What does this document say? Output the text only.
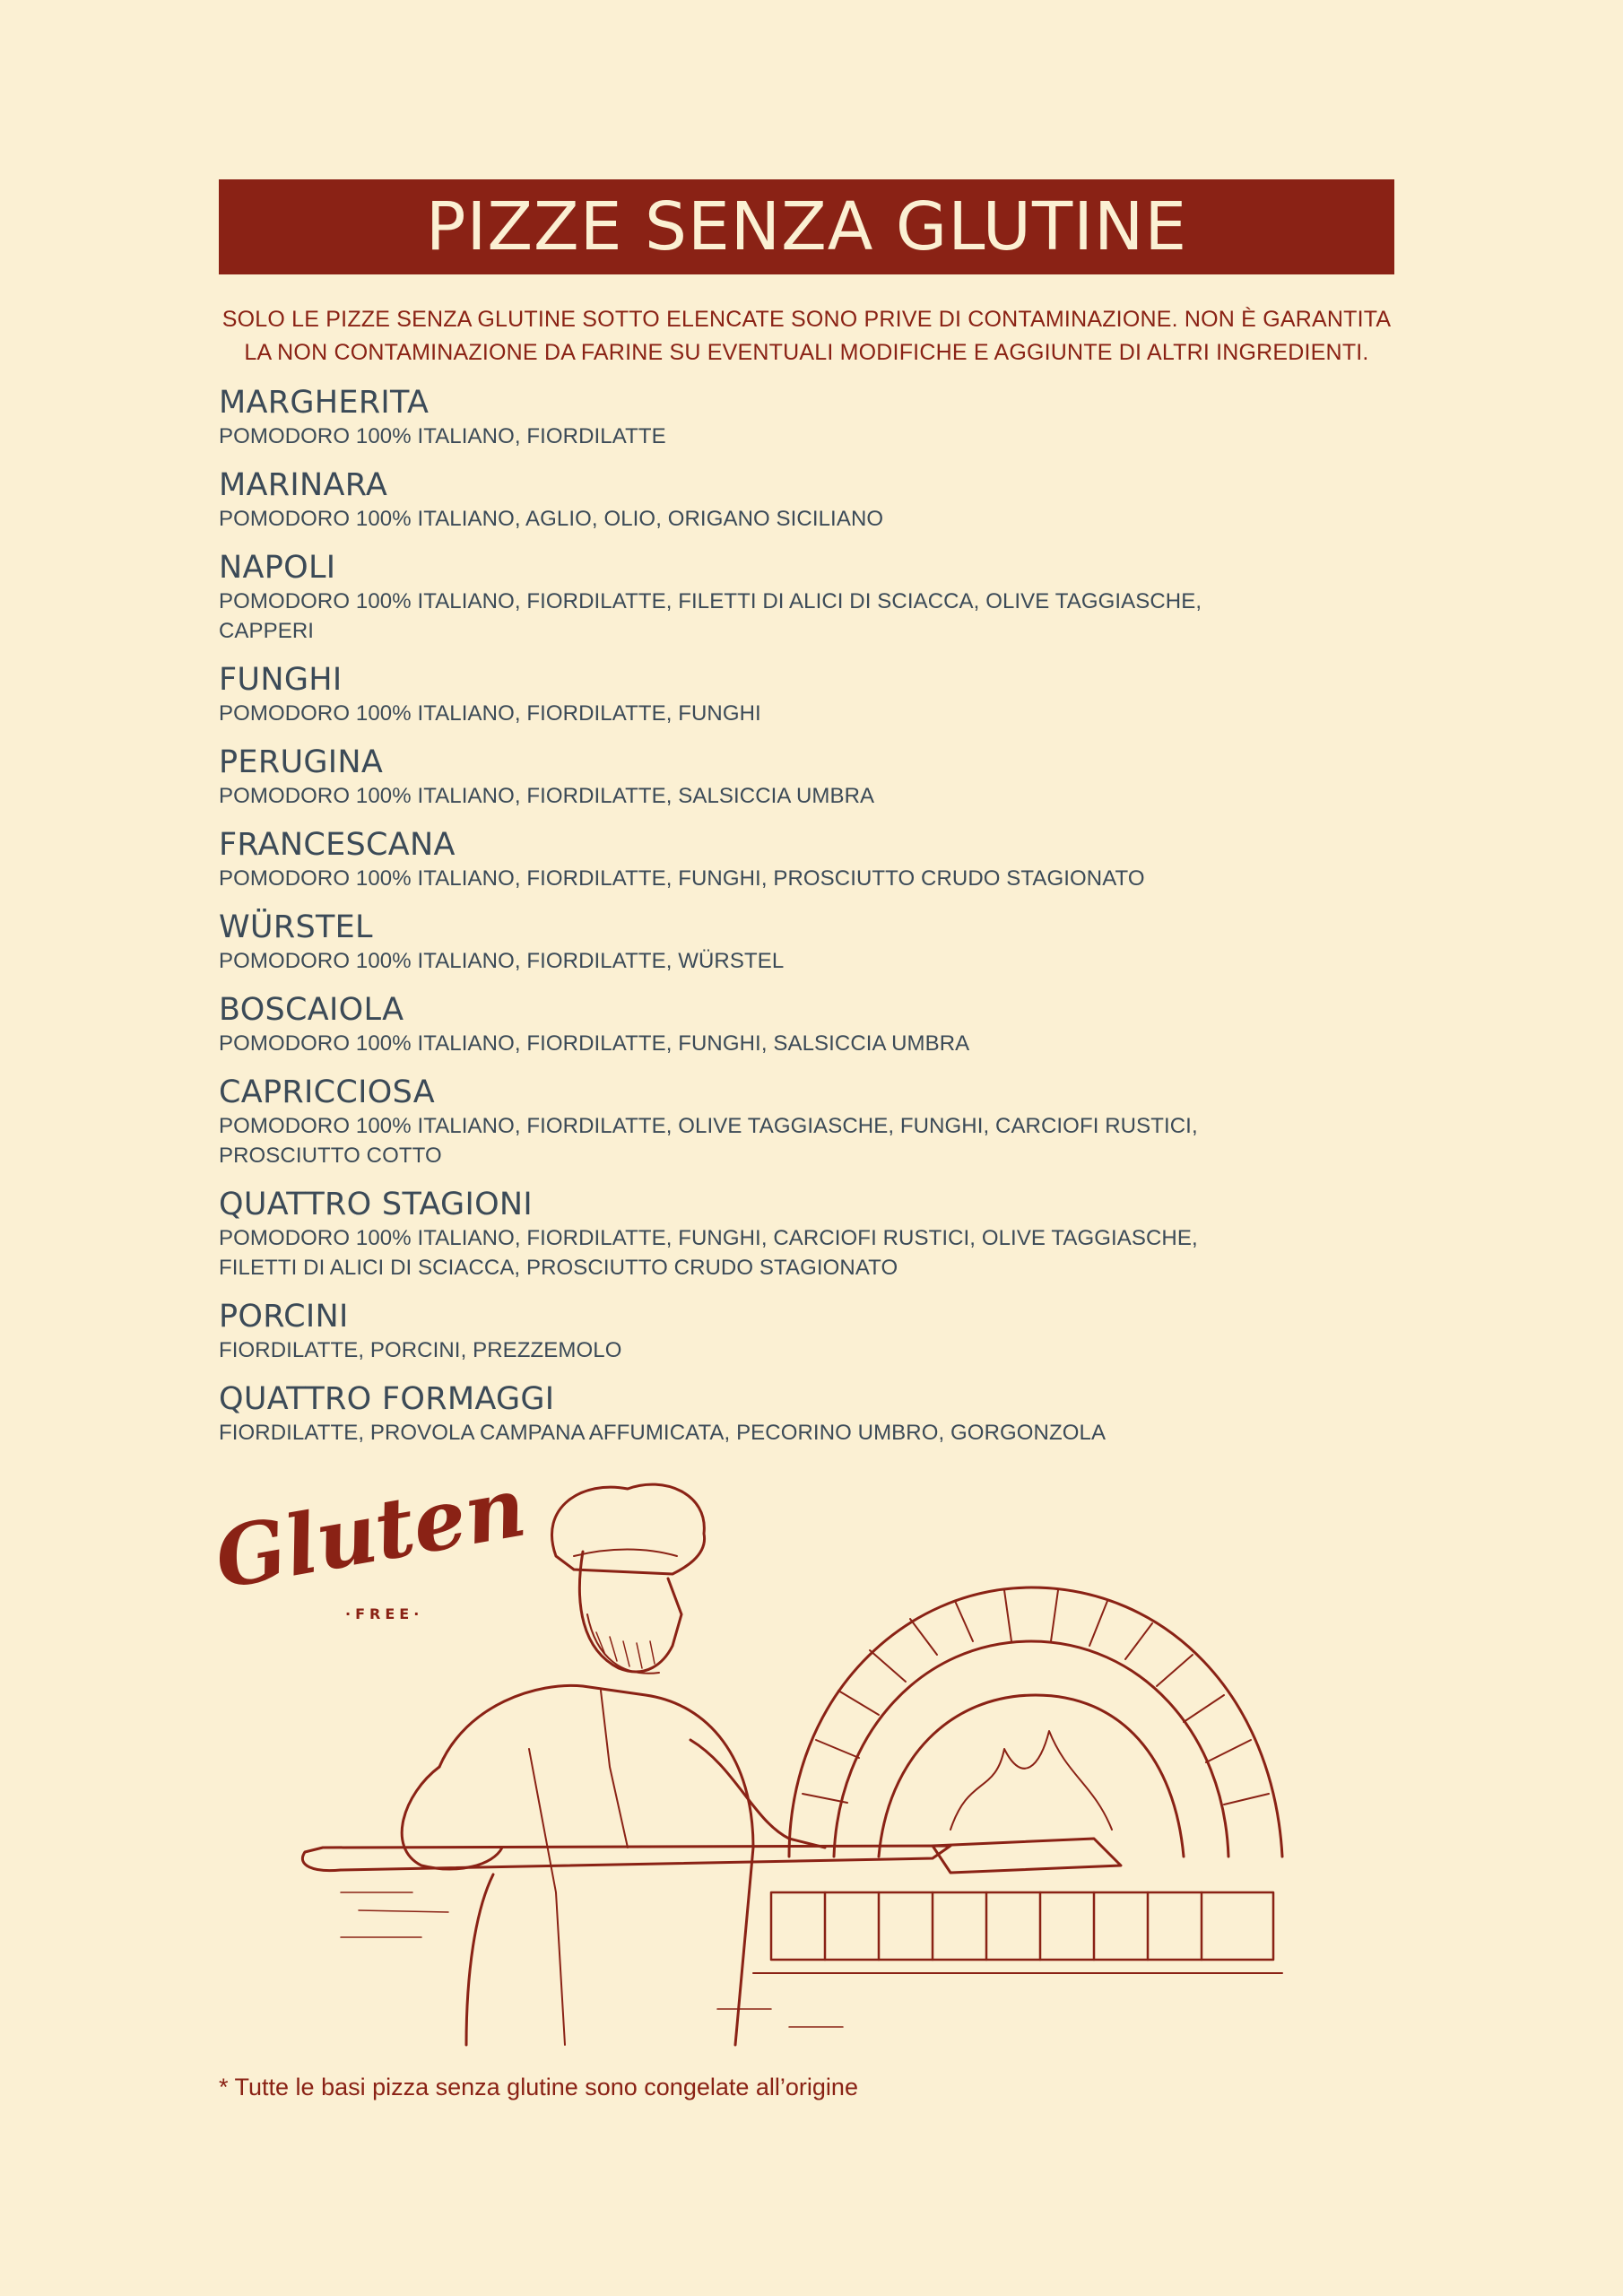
PIZZE SENZA GLUTINE
SOLO LE PIZZE SENZA GLUTINE SOTTO ELENCATE SONO PRIVE DI CONTAMINAZIONE. NON È GARANTITA LA NON CONTAMINAZIONE DA FARINE SU EVENTUALI MODIFICHE E AGGIUNTE DI ALTRI INGREDIENTI.
MARGHERITA
POMODORO 100% ITALIANO, FIORDILATTE
MARINARA
POMODORO 100% ITALIANO, AGLIO, OLIO, ORIGANO SICILIANO
NAPOLI
POMODORO 100% ITALIANO, FIORDILATTE, FILETTI DI ALICI DI SCIACCA, OLIVE TAGGIASCHE, CAPPERI
FUNGHI
POMODORO 100% ITALIANO, FIORDILATTE, FUNGHI
PERUGINA
POMODORO 100% ITALIANO, FIORDILATTE, SALSICCIA UMBRA
FRANCESCANA
POMODORO 100% ITALIANO, FIORDILATTE, FUNGHI, PROSCIUTTO CRUDO STAGIONATO
WÜRSTEL
POMODORO 100% ITALIANO, FIORDILATTE, WÜRSTEL
BOSCAIOLA
POMODORO 100% ITALIANO, FIORDILATTE, FUNGHI, SALSICCIA UMBRA
CAPRICCIOSA
POMODORO 100% ITALIANO, FIORDILATTE, OLIVE TAGGIASCHE, FUNGHI, CARCIOFI RUSTICI, PROSCIUTTO COTTO
QUATTRO STAGIONI
POMODORO 100% ITALIANO, FIORDILATTE, FUNGHI, CARCIOFI RUSTICI, OLIVE TAGGIASCHE, FILETTI DI ALICI DI SCIACCA, PROSCIUTTO CRUDO STAGIONATO
PORCINI
FIORDILATTE, PORCINI, PREZZEMOLO
QUATTRO FORMAGGI
FIORDILATTE, PROVOLA CAMPANA AFFUMICATA, PECORINO UMBRO, GORGONZOLA
Gluten
·FREE·
* Tutte le basi pizza senza glutine sono congelate all’origine
